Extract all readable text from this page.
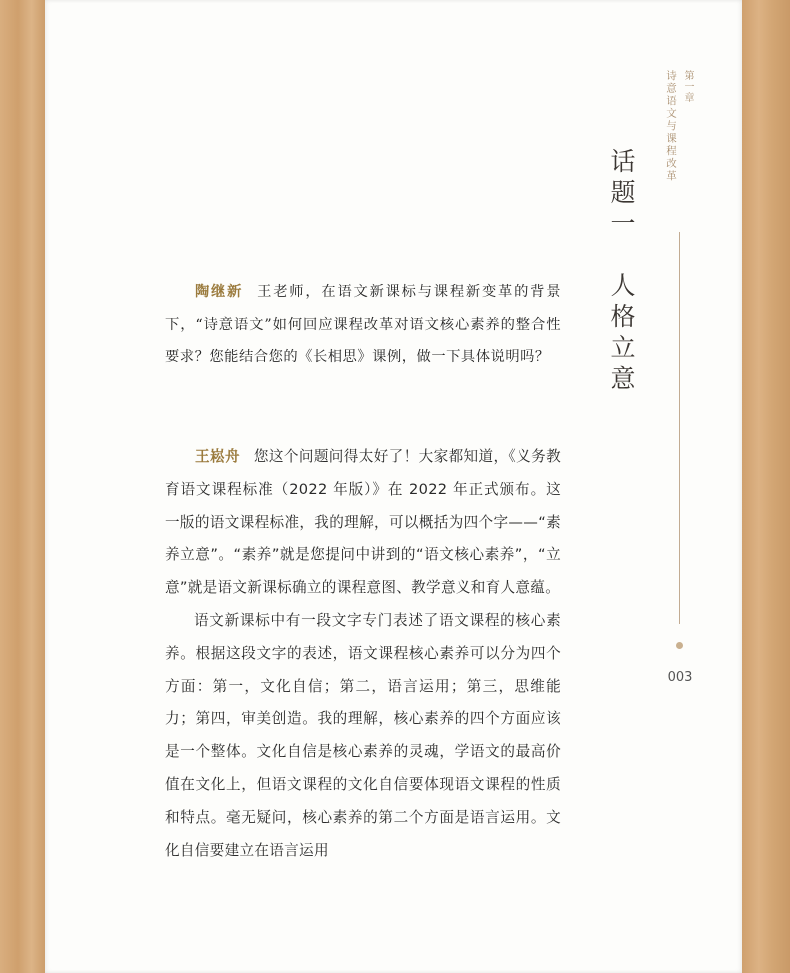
第一章
诗意语文与课程改革
话题一　人格立意
003

陶继新 王老师，在语文新课标与课程新变革的背景下，“诗意语文”如何回应课程改革对语文核心素养的整合性要求？您能结合您的《长相思》课例，做一下具体说明吗？

王崧舟 您这个问题问得太好了！大家都知道，《义务教育语文课程标准（2022 年版）》在 2022 年正式颁布。这一版的语文课程标准，我的理解，可以概括为四个字——“素养立意”。“素养”就是您提问中讲到的“语文核心素养”，“立意”就是语文新课标确立的课程意图、教学意义和育人意蕴。

语文新课标中有一段文字专门表述了语文课程的核心素养。根据这段文字的表述，语文课程核心素养可以分为四个方面：第一，文化自信；第二，语言运用；第三，思维能力；第四，审美创造。我的理解，核心素养的四个方面应该是一个整体。文化自信是核心素养的灵魂，学语文的最高价值在文化上，但语文课程的文化自信要体现语文课程的性质和特点。毫无疑问，核心素养的第二个方面是语言运用。文化自信要建立在语言运用
